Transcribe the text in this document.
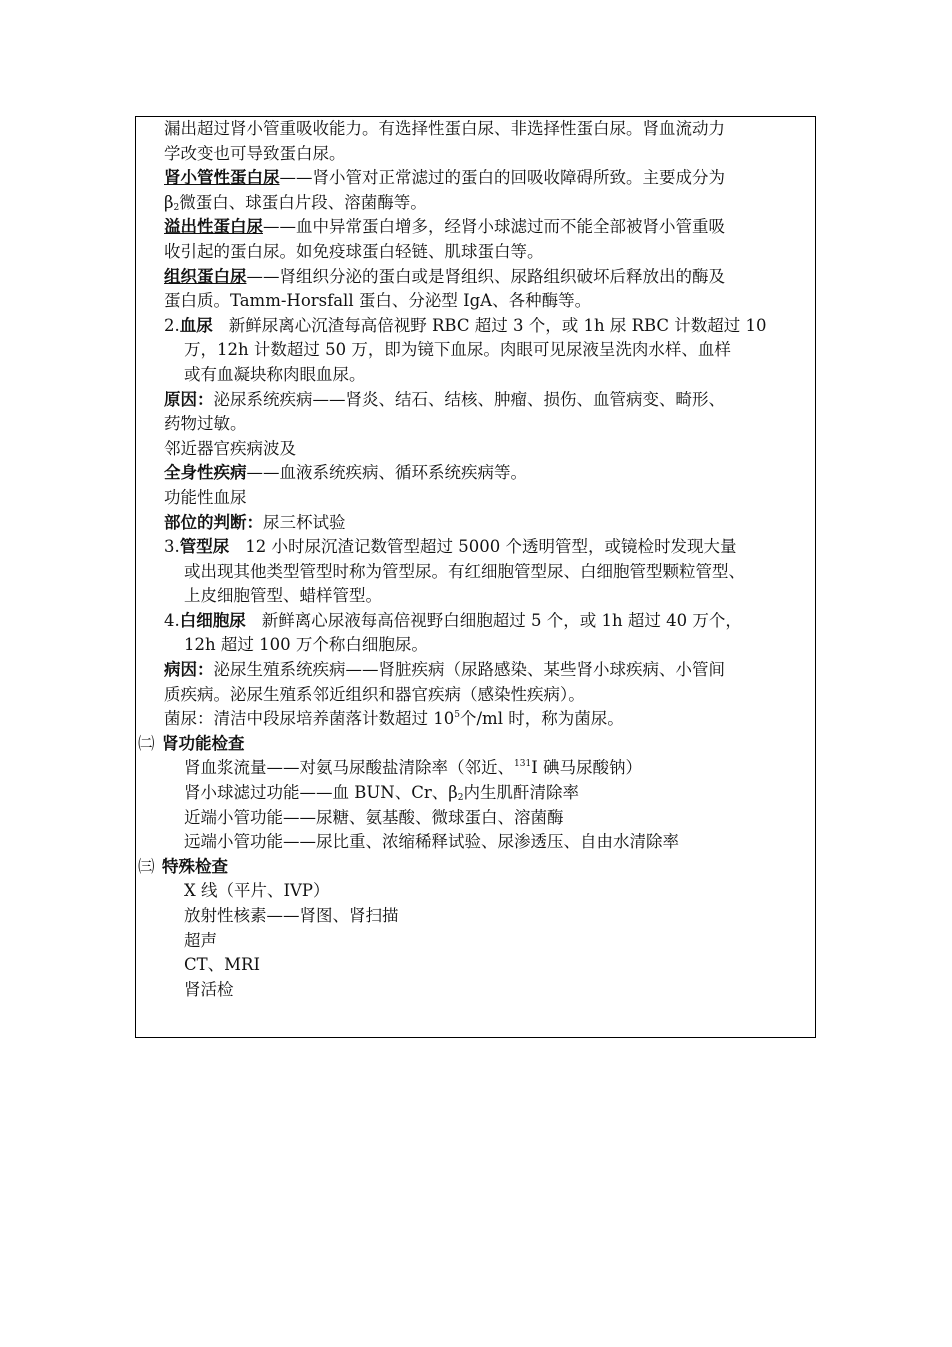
漏出超过肾小管重吸收能力。有选择性蛋白尿、非选择性蛋白尿。肾血流动力
学改变也可导致蛋白尿。
肾小管性蛋白尿——肾小管对正常滤过的蛋白的回吸收障碍所致。主要成分为
$\beta_2$微蛋白、球蛋白片段、溶菌酶等。
溢出性蛋白尿——血中异常蛋白增多，经肾小球滤过而不能全部被肾小管重吸
收引起的蛋白尿。如免疫球蛋白轻链、肌球蛋白等。
组织蛋白尿——肾组织分泌的蛋白或是肾组织、尿路组织破坏后释放出的酶及
蛋白质。Tamm-Horsfall 蛋白、分泌型 IgA、各种酶等。
2.血尿 新鲜尿离心沉渣每高倍视野 RBC 超过 3 个，或 1h 尿 RBC 计数超过 10
万，12h 计数超过 50 万，即为镜下血尿。肉眼可见尿液呈洗肉水样、血样
或有血凝块称肉眼血尿。
原因：泌尿系统疾病——肾炎、结石、结核、肿瘤、损伤、血管病变、畸形、
药物过敏。
邻近器官疾病波及
全身性疾病——血液系统疾病、循环系统疾病等。
功能性血尿
部位的判断：尿三杯试验
3.管型尿 12 小时尿沉渣记数管型超过 5000 个透明管型，或镜检时发现大量
或出现其他类型管型时称为管型尿。有红细胞管型尿、白细胞管型颗粒管型、
上皮细胞管型、蜡样管型。
4.白细胞尿 新鲜离心尿液每高倍视野白细胞超过 5 个，或 1h 超过 40 万个，
12h 超过 100 万个称白细胞尿。
病因：泌尿生殖系统疾病——肾脏疾病（尿路感染、某些肾小球疾病、小管间
质疾病。泌尿生殖系邻近组织和器官疾病（感染性疾病）。
菌尿：清洁中段尿培养菌落计数超过 $10^5$个/ml 时，称为菌尿。
㈡ 肾功能检查
肾血浆流量——对氨马尿酸盐清除率（邻近、$^{131}$I 碘马尿酸钠）
肾小球滤过功能——血 BUN、Cr、$\beta_2$内生肌酐清除率
近端小管功能——尿糖、氨基酸、微球蛋白、溶菌酶
远端小管功能——尿比重、浓缩稀释试验、尿渗透压、自由水清除率
㈢ 特殊检查
X 线（平片、IVP）
放射性核素——肾图、肾扫描
超声
CT、MRI
肾活检
